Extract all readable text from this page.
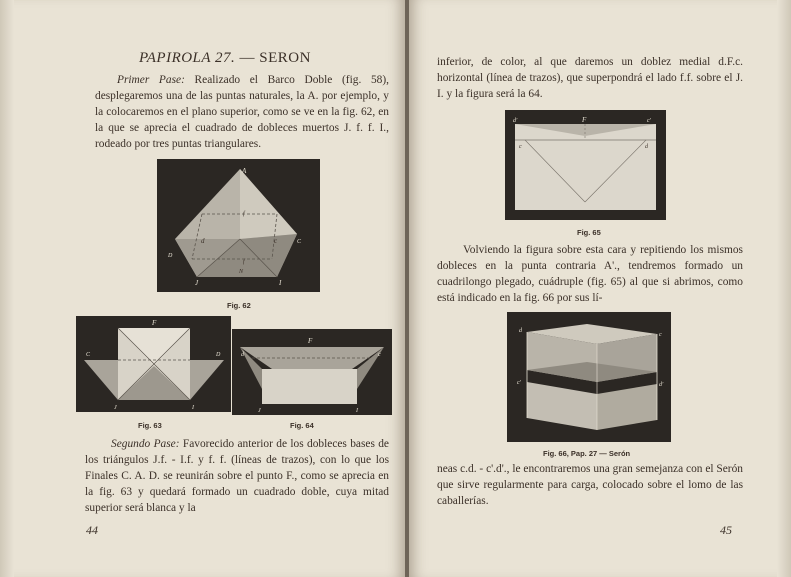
PAPIROLA 27. — SERON

Primer Pase: Realizado el Barco Doble (fig. 58), desplegaremos una de las puntas naturales, la A. por ejemplo, y la colocaremos en el plano superior, como se ve en la fig. 62, en la que se aprecia el cuadrado de dobleces muertos J. f. f. I., rodeado por tres puntas triangulares.

A
f
d	c	C
D
f
J
N
I
Fig. 62
F
C	D
J	I
Fig. 63
F
d	c
J	I
Fig. 64

Segundo Pase: Favorecido anterior de los dobleces bases de los triángulos J.f. - I.f. y f. f. (líneas de trazos), con lo que los Finales C. A. D. se reunirán sobre el punto F., como se aprecia en la fig. 63 y quedará formado un cuadrado doble, cuya mitad superior será blanca y la

44

inferior, de color, al que daremos un doblez medial d.F.c. horizontal (línea de trazos), que superpondrá el lado f.f. sobre el J. I. y la figura será la 64.

F
d'	c'
c	d
Fig. 65

Volviendo la figura sobre esta cara y repitiendo los mismos dobleces en la punta contraria A'., tendremos formado un cuadrilongo plegado, cuádruple (fig. 65) al que si abrimos, como está indicado en la fig. 66 por sus lí-

d
c
c'	d'
Fig. 66, Pap. 27 — Serón

neas c.d. - c'.d'., le encontraremos una gran semejanza con el Serón que sirve regularmente para carga, colocado sobre el lomo de las caballerías.

45
